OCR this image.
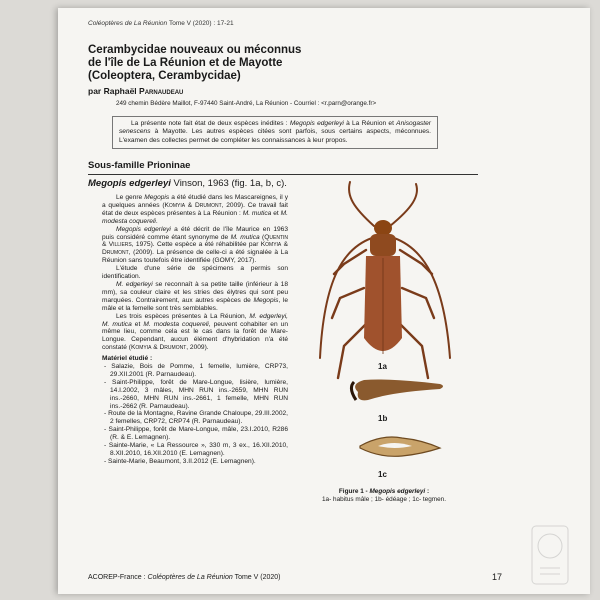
Coléoptères de La Réunion Tome V (2020) : 17-21
Cerambycidae nouveaux ou méconnus
de l'île de La Réunion et de Mayotte
(Coleoptera, Cerambycidae)
par Raphaël Parnaudeau
249 chemin Bédère Maillot, F-97440 Saint-André, La Réunion - Courriel : <r.parn@orange.fr>
La présente note fait état de deux espèces inédites : Megopis edgerleyi à La Réunion et Anisogaster senescens à Mayotte. Les autres espèces citées sont parfois, sous certains aspects, méconnues. L'examen des collectes permet de compléter les connaissances à leur propos.
Sous-famille Prioninae
Megopis edgerleyi Vinson, 1963 (fig. 1a, b, c).

Le genre Megopis a été étudié dans les Mascareignes, il y a quelques années (Komyia & Drumont, 2009). Ce travail fait état de deux espèces présentes à La Réunion : M. mutica et M. modesta coquereli.

Megopis edgerleyi a été décrit de l'île Maurice en 1963 puis considéré comme étant synonyme de M. mutica (Quentin & Villiers, 1975). Cette espèce a été réhabilitée par Komyia & Drumont, (2009). La présence de celle-ci a été signalée à La Réunion sans toutefois être identifiée (GOMY, 2017).

L'étude d'une série de spécimens a permis son identification.

M. edgerleyi se reconnaît à sa petite taille (inférieur à 18 mm), sa couleur claire et les stries des élytres qui sont peu marquées. Contrairement, aux autres espèces de Megopis, le mâle et la femelle sont très semblables.

Les trois espèces présentes à La Réunion, M. edgerleyi, M. mutica et M. modesta coquereli, peuvent cohabiter en un même lieu, comme cela est le cas dans la forêt de Mare-Longue. Cependant, aucun élément d'hybridation n'a été constaté (Komyia & Drumont, 2009).

Matériel étudié :

- Salazie, Bois de Pomme, 1 femelle, lumière, CRP73, 29.XII.2001 (R. Parnaudeau).
- Saint-Philippe, forêt de Mare-Longue, lisière, lumière, 14.I.2002, 3 mâles, MHN RUN ins.-2659, MHN RUN ins.-2660, MHN RUN ins.-2661, 1 femelle, MHN RUN ins.-2662 (R. Parnaudeau).
- Route de la Montagne, Ravine Grande Chaloupe, 29.III.2002, 2 femelles, CRP72, CRP74 (R. Parnaudeau).
- Saint-Philippe, forêt de Mare-Longue, mâle, 23.I.2010, R286 (R. & E. Lemagnen).
- Sainte-Marie, « La Ressource », 330 m, 3 ex., 16.XII.2010, 8.XII.2010, 16.XII.2010 (E. Lemagnen).
- Sainte-Marie, Beaumont, 3.II.2012 (E. Lemagnen).
1a
1b
1c
Figure 1 - Megopis edgerleyi :
1a- habitus mâle ; 1b- édéage ; 1c- tegmen.
ACOREP-France : Coléoptères de La Réunion Tome V (2020)	17
